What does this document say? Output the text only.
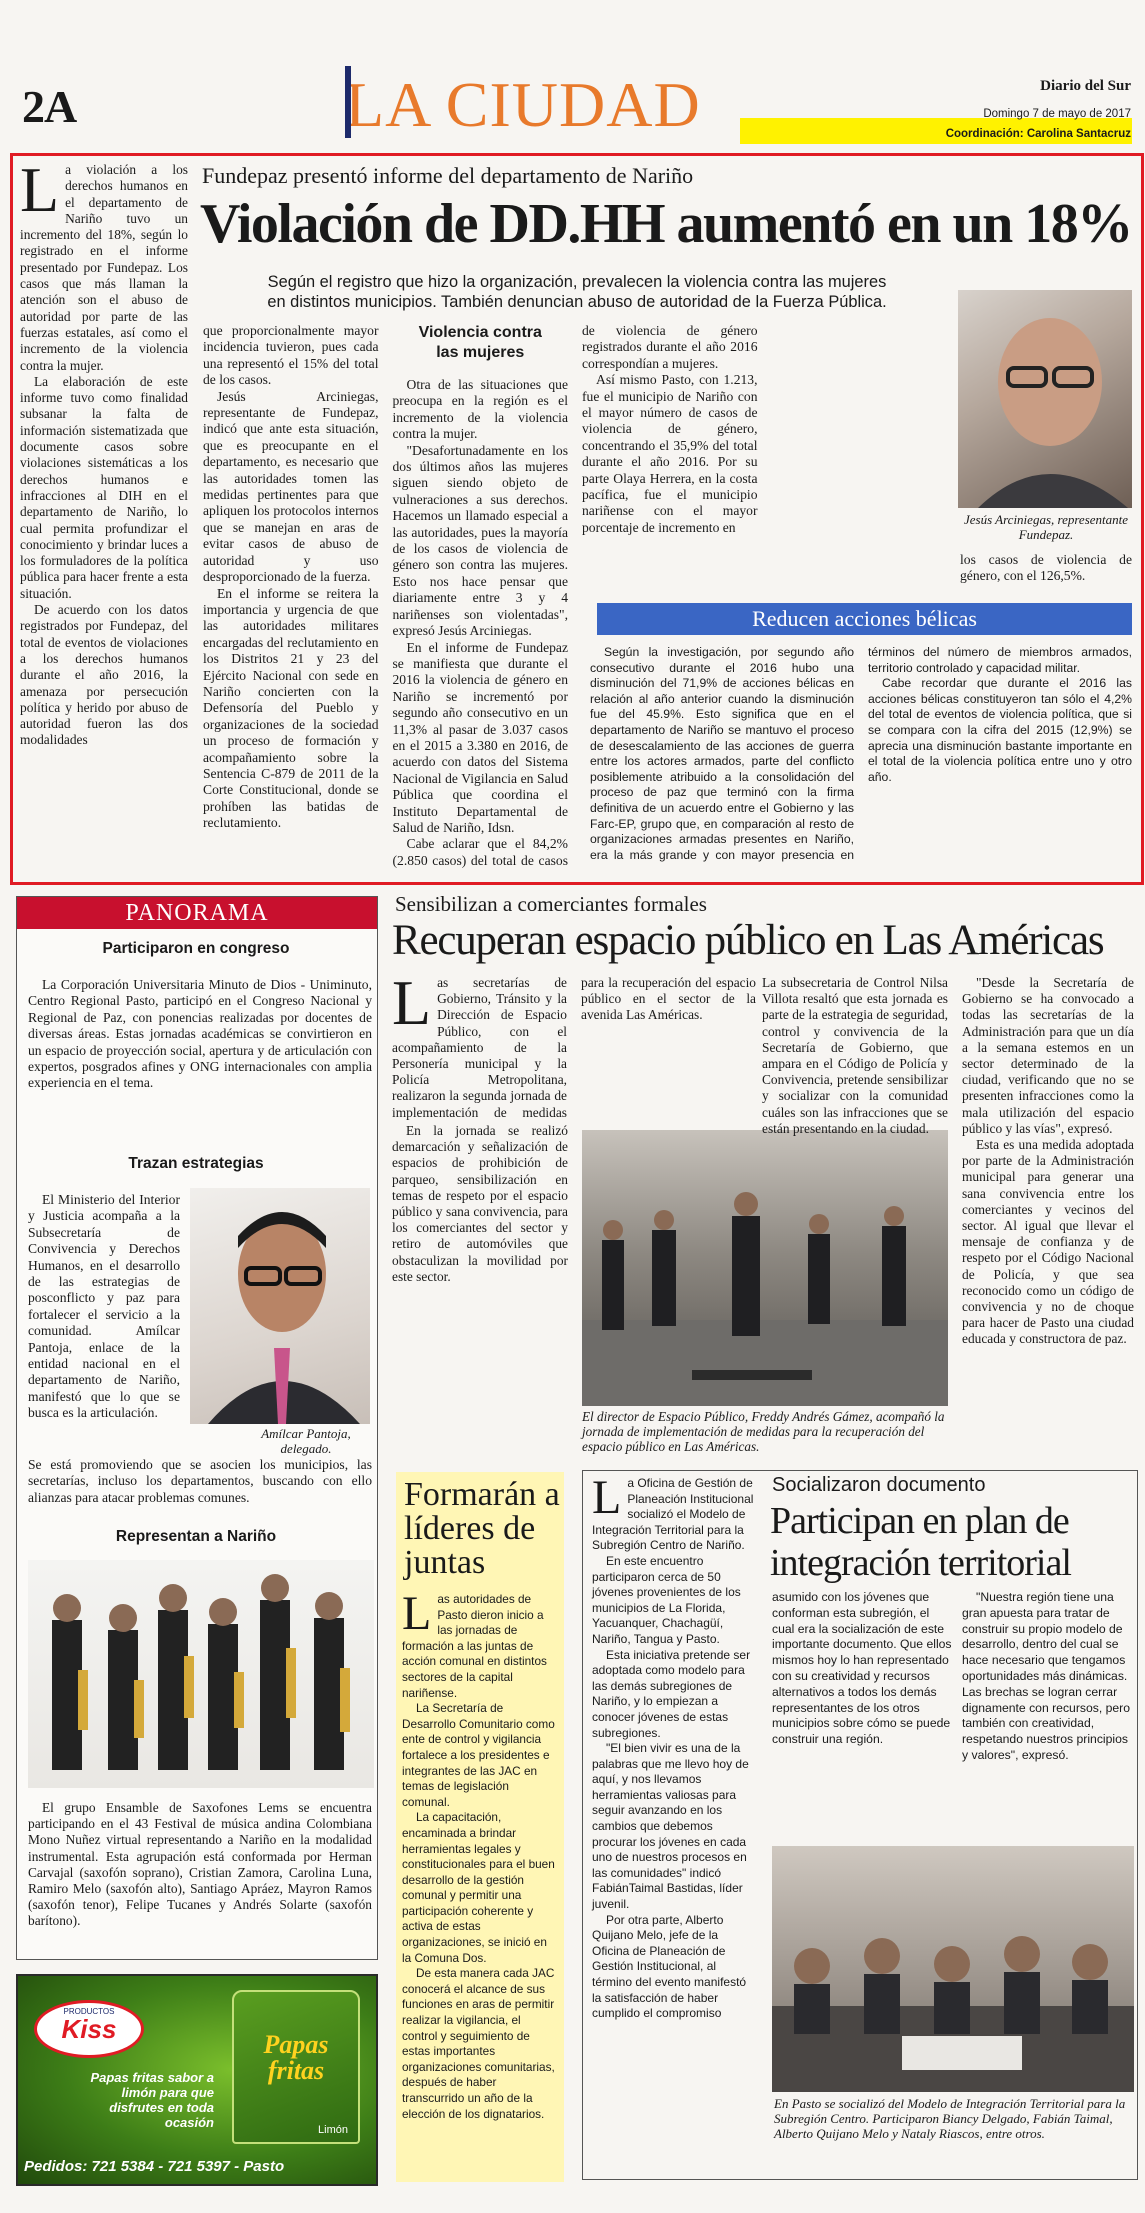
2A	LA CIUDAD	Diario del Sur
Domingo 7 de mayo de 2017
Coordinación: Carolina Santacruz
L a violación a los derechos humanos en el departamento de Nariño tuvo un incremento del 18%, según lo registrado en el informe presentado por Fundepaz. Los casos que más llaman la atención son el abuso de autoridad por parte de las fuerzas estatales, así como el incremento de la violencia contra la mujer.

La elaboración de este informe tuvo como finalidad subsanar la falta de información sistematizada que documente casos sobre violaciones sistemáticas a los derechos humanos e infracciones al DIH en el departamento de Nariño, lo cual permita profundizar el conocimiento y brindar luces a los formuladores de la política pública para hacer frente a esta situación.

De acuerdo con los datos registrados por Fundepaz, del total de eventos de violaciones a los derechos humanos durante el año 2016, la amenaza por persecución política y herido por abuso de autoridad fueron las dos modalidades

Fundepaz presentó informe del departamento de Nariño
Violación de DD.HH aumentó en un 18%
Según el registro que hizo la organización, prevalecen la violencia contra las mujeres en distintos municipios. También denuncian abuso de autoridad de la Fuerza Pública.

que proporcionalmente mayor incidencia tuvieron, pues cada una representó el 15% del total de los casos.

Jesús Arciniegas, representante de Fundepaz, indicó que ante esta situación, que es preocupante en el departamento, es necesario que las autoridades tomen las medidas pertinentes para que apliquen los protocolos internos que se manejan en aras de evitar casos de abuso de autoridad y uso desproporcionado de la fuerza.

En el informe se reitera la importancia y urgencia de que las autoridades militares encargadas del reclutamiento en los Distritos 21 y 23 del Ejército Nacional con sede en Nariño concierten con la Defensoría del Pueblo y organizaciones de la sociedad un proceso de formación y acompañamiento sobre la Sentencia C-879 de 2011 de la Corte Constitucional, donde se prohíben las batidas de reclutamiento.

Violencia contra las mujeres

Otra de las situaciones que preocupa en la región es el incremento de la violencia contra la mujer.

"Desafortunadamente en los dos últimos años las mujeres siguen siendo objeto de vulneraciones a sus derechos. Hacemos un llamado especial a las autoridades, pues la mayoría de los casos de violencia de género son contra las mujeres. Esto nos hace pensar que diariamente entre 3 y 4 nariñenses son violentadas", expresó Jesús Arciniegas.

En el informe de Fundepaz se manifiesta que durante el 2016 la violencia de género en Nariño se incrementó por segundo año consecutivo en un 11,3% al pasar de 3.037 casos en el 2015 a 3.380 en 2016, de acuerdo con datos del Sistema Nacional de Vigilancia en Salud Pública que coordina el Instituto Departamental de Salud de Nariño, Idsn.

Cabe aclarar que el 84,2% (2.850 casos) del total de casos de violencia de género registrados durante el año 2016 correspondían a mujeres.

Así mismo Pasto, con 1.213, fue el municipio de Nariño con el mayor número de casos de violencia de género, concentrando el 35,9% del total durante el año 2016. Por su parte Olaya Herrera, en la costa pacífica, fue el municipio nariñense con el mayor porcentaje de incremento en

Jesús Arciniegas, representante Fundepaz.
los casos de violencia de género, con el 126,5%.
Reducen acciones bélicas

Según la investigación, por segundo año consecutivo durante el 2016 hubo una disminución del 71,9% de acciones bélicas en relación al año anterior cuando la disminución fue del 45.9%. Esto significa que en el departamento de Nariño se mantuvo el proceso de desescalamiento de las acciones de guerra entre los actores armados, parte del conflicto posiblemente atribuido a la consolidación del proceso de paz que terminó con la firma definitiva de un acuerdo entre el Gobierno y las Farc-EP, grupo que, en comparación al resto de organizaciones armadas presentes en Nariño, era la más grande y con mayor presencia en términos del número de miembros armados, territorio controlado y capacidad militar.

Cabe recordar que durante el 2016 las acciones bélicas constituyeron tan sólo el 4,2% del total de eventos de violencia política, que si se compara con la cifra del 2015 (12,9%) se aprecia una disminución bastante importante en el total de la violencia política entre uno y otro año.

PANORAMA
Participaron en congreso

La Corporación Universitaria Minuto de Dios - Uniminuto, Centro Regional Pasto, participó en el Congreso Nacional y Regional de Paz, con ponencias realizadas por docentes de diversas áreas. Estas jornadas académicas se convirtieron en un espacio de proyección social, apertura y de articulación con expertos, posgrados afines y ONG internacionales con amplia experiencia en el tema.

Trazan estrategias

El Ministerio del Interior y Justicia acompaña a la Subsecretaría de Convivencia y Derechos Humanos, en el desarrollo de las estrategias de posconflicto y paz para fortalecer el servicio a la comunidad. Amílcar Pantoja, enlace de la entidad nacional en el departamento de Nariño, manifestó que lo que se busca es la articulación.

Amílcar Pantoja, delegado.

Se está promoviendo que se asocien los municipios, las secretarías, incluso los departamentos, buscando con ello alianzas para atacar problemas comunes.

Representan a Nariño

El grupo Ensamble de Saxofones Lems se encuentra participando en el 43 Festival de música andina Colombiana Mono Nuñez virtual representando a Nariño en la modalidad instrumental. Esta agrupación está conformada por Herman Carvajal (saxofón soprano), Cristian Zamora, Carolina Luna, Ramiro Melo (saxofón alto), Santiago Apráez, Mayron Ramos (saxofón tenor), Felipe Tucanes y Andrés Solarte (saxofón barítono).

PRODUCTOS
Kiss
Papas fritas sabor a limón para que disfrutes en toda ocasión
Papas fritas
Limón
Pedidos: 721 5384 - 721 5397 - Pasto
Sensibilizan a comerciantes formales
Recuperan espacio público en Las Américas
El director de Espacio Público, Freddy Andrés Gámez, acompañó la jornada de implementación de medidas para la recuperación del espacio público en Las Américas.
L as secretarías de Gobierno, Tránsito y la Dirección de Espacio Público, con el acompañamiento de la Personería municipal y la Policía Metropolitana, realizaron la segunda jornada de implementación de medidas para la recuperación del espacio público en el sector de la avenida Las Américas.

En la jornada se realizó demarcación y señalización de espacios de prohibición de parqueo, sensibilización en temas de respeto por el espacio público y sana convivencia, para los comerciantes del sector y retiro de automóviles que obstaculizan la movilidad por este sector.

La subsecretaria de Control Nilsa Villota resaltó que esta jornada es parte de la estrategia de seguridad, control y convivencia de la Secretaría de Gobierno, que ampara en el Código de Policía y Convivencia, pretende sensibilizar y socializar con la comunidad cuáles son las infracciones que se están presentando en la ciudad.

"Desde la Secretaría de Gobierno se ha convocado a todas las secretarías de la Administración para que un día a la semana estemos en un sector determinado de la ciudad, verificando que no se presenten infracciones como la mala utilización del espacio público y las vías", expresó.

Esta es una medida adoptada por parte de la Administración municipal para generar una sana convivencia entre los comerciantes y vecinos del sector. Al igual que llevar el mensaje de confianza y de respeto por el Código Nacional de Policía, y que sea reconocido como un código de convivencia y no de choque para hacer de Pasto una ciudad educada y constructora de paz.

Formarán a líderes de juntas
L as autoridades de Pasto dieron inicio a las jornadas de formación a las juntas de acción comunal en distintos sectores de la capital nariñense.

La Secretaría de Desarrollo Comunitario como ente de control y vigilancia fortalece a los presidentes e integrantes de las JAC en temas de legislación comunal.

La capacitación, encaminada a brindar herramientas legales y constitucionales para el buen desarrollo de la gestión comunal y permitir una participación coherente y activa de estas organizaciones, se inició en la Comuna Dos.

De esta manera cada JAC conocerá el alcance de sus funciones en aras de permitir realizar la vigilancia, el control y seguimiento de estas importantes organizaciones comunitarias, después de haber transcurrido un año de la elección de los dignatarios.

L a Oficina de Gestión de Planeación Institucional socializó el Modelo de Integración Territorial para la Subregión Centro de Nariño.

En este encuentro participaron cerca de 50 jóvenes provenientes de los municipios de La Florida, Yacuanquer, Chachagüí, Nariño, Tangua y Pasto.

Esta iniciativa pretende ser adoptada como modelo para las demás subregiones de Nariño, y lo empiezan a conocer jóvenes de estas subregiones.

"El bien vivir es una de la palabras que me llevo hoy de aquí, y nos llevamos herramientas valiosas para seguir avanzando en los cambios que debemos procurar los jóvenes en cada uno de nuestros procesos en las comunidades" indicó FabiánTaimal Bastidas, líder juvenil.

Por otra parte, Alberto Quijano Melo, jefe de la Oficina de Planeación de Gestión Institucional, al término del evento manifestó la satisfacción de haber cumplido el compromiso

Socializaron documento
Participan en plan de integración territorial

asumido con los jóvenes que conforman esta subregión, el cual era la socialización de este importante documento. Que ellos mismos hoy lo han representado con su creatividad y recursos alternativos a todos los demás representantes de los otros municipios sobre cómo se puede construir una región.

"Nuestra región tiene una gran apuesta para tratar de construir su propio modelo de desarrollo, dentro del cual se hace necesario que tengamos oportunidades más dinámicas. Las brechas se logran cerrar dignamente con recursos, pero también con creatividad, respetando nuestros principios y valores", expresó.

En Pasto se socializó del Modelo de Integración Territorial para la Subregión Centro. Participaron Biancy Delgado, Fabián Taimal, Alberto Quijano Melo y Nataly Riascos, entre otros.
